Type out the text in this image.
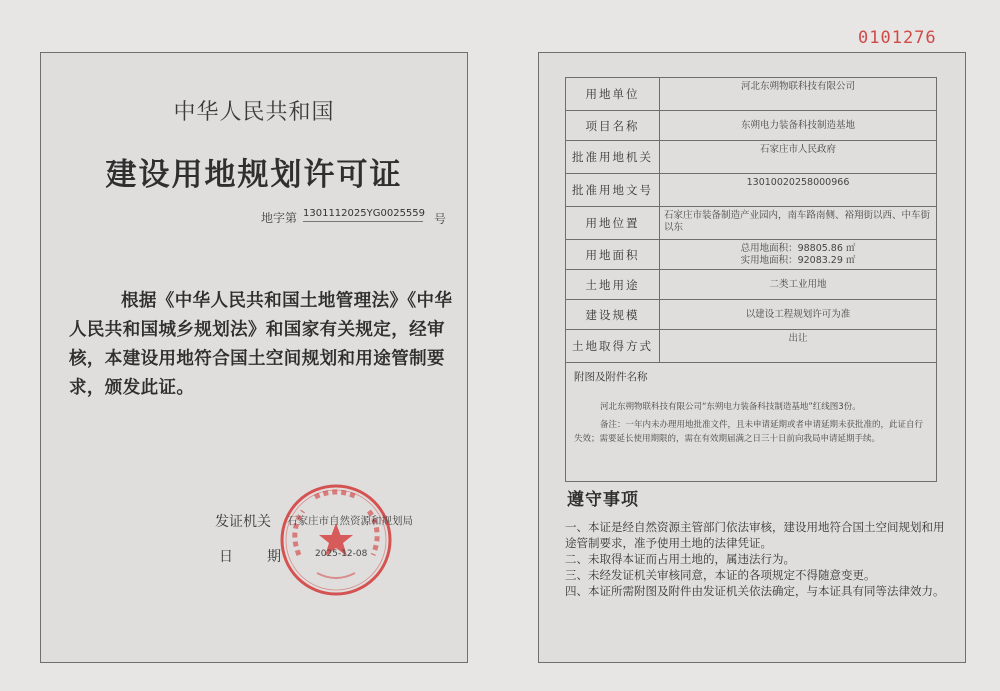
0101276
中华人民共和国
建设用地规划许可证
地字第 1301112025YG0025559 号
根据《中华人民共和国土地管理法》《中华人民共和国城乡规划法》和国家有关规定，经审核，本建设用地符合国土空间规划和用途管制要求，颁发此证。
发证机关 石家庄市自然资源和规划局
日期 2025-12-08
用地单位	河北东朔物联科技有限公司
项目名称	东朔电力装备科技制造基地
批准用地机关	石家庄市人民政府
批准用地文号	13010020258000966
用地位置	石家庄市装备制造产业园内，南车路南侧、裕翔街以西、中车街以东
用地面积	总用地面积：98805.86 ㎡
实用地面积：92083.29 ㎡

土地用途	二类工业用地
建设规模	以建设工程规划许可为准
土地取得方式	出让

附图及附件名称
河北东朔物联科技有限公司“东朔电力装备科技制造基地”红线图3份。
备注：一年内未办理用地批准文件，且未申请延期或者申请延期未获批准的，此证自行失效；需要延长使用期限的，需在有效期届满之日三十日前向我局申请延期手续。	
遵守事项
一、本证是经自然资源主管部门依法审核，建设用地符合国土空间规划和用途管制要求，准予使用土地的法律凭证。
二、未取得本证而占用土地的，属违法行为。
三、未经发证机关审核同意，本证的各项规定不得随意变更。
四、本证所需附图及附件由发证机关依法确定，与本证具有同等法律效力。
